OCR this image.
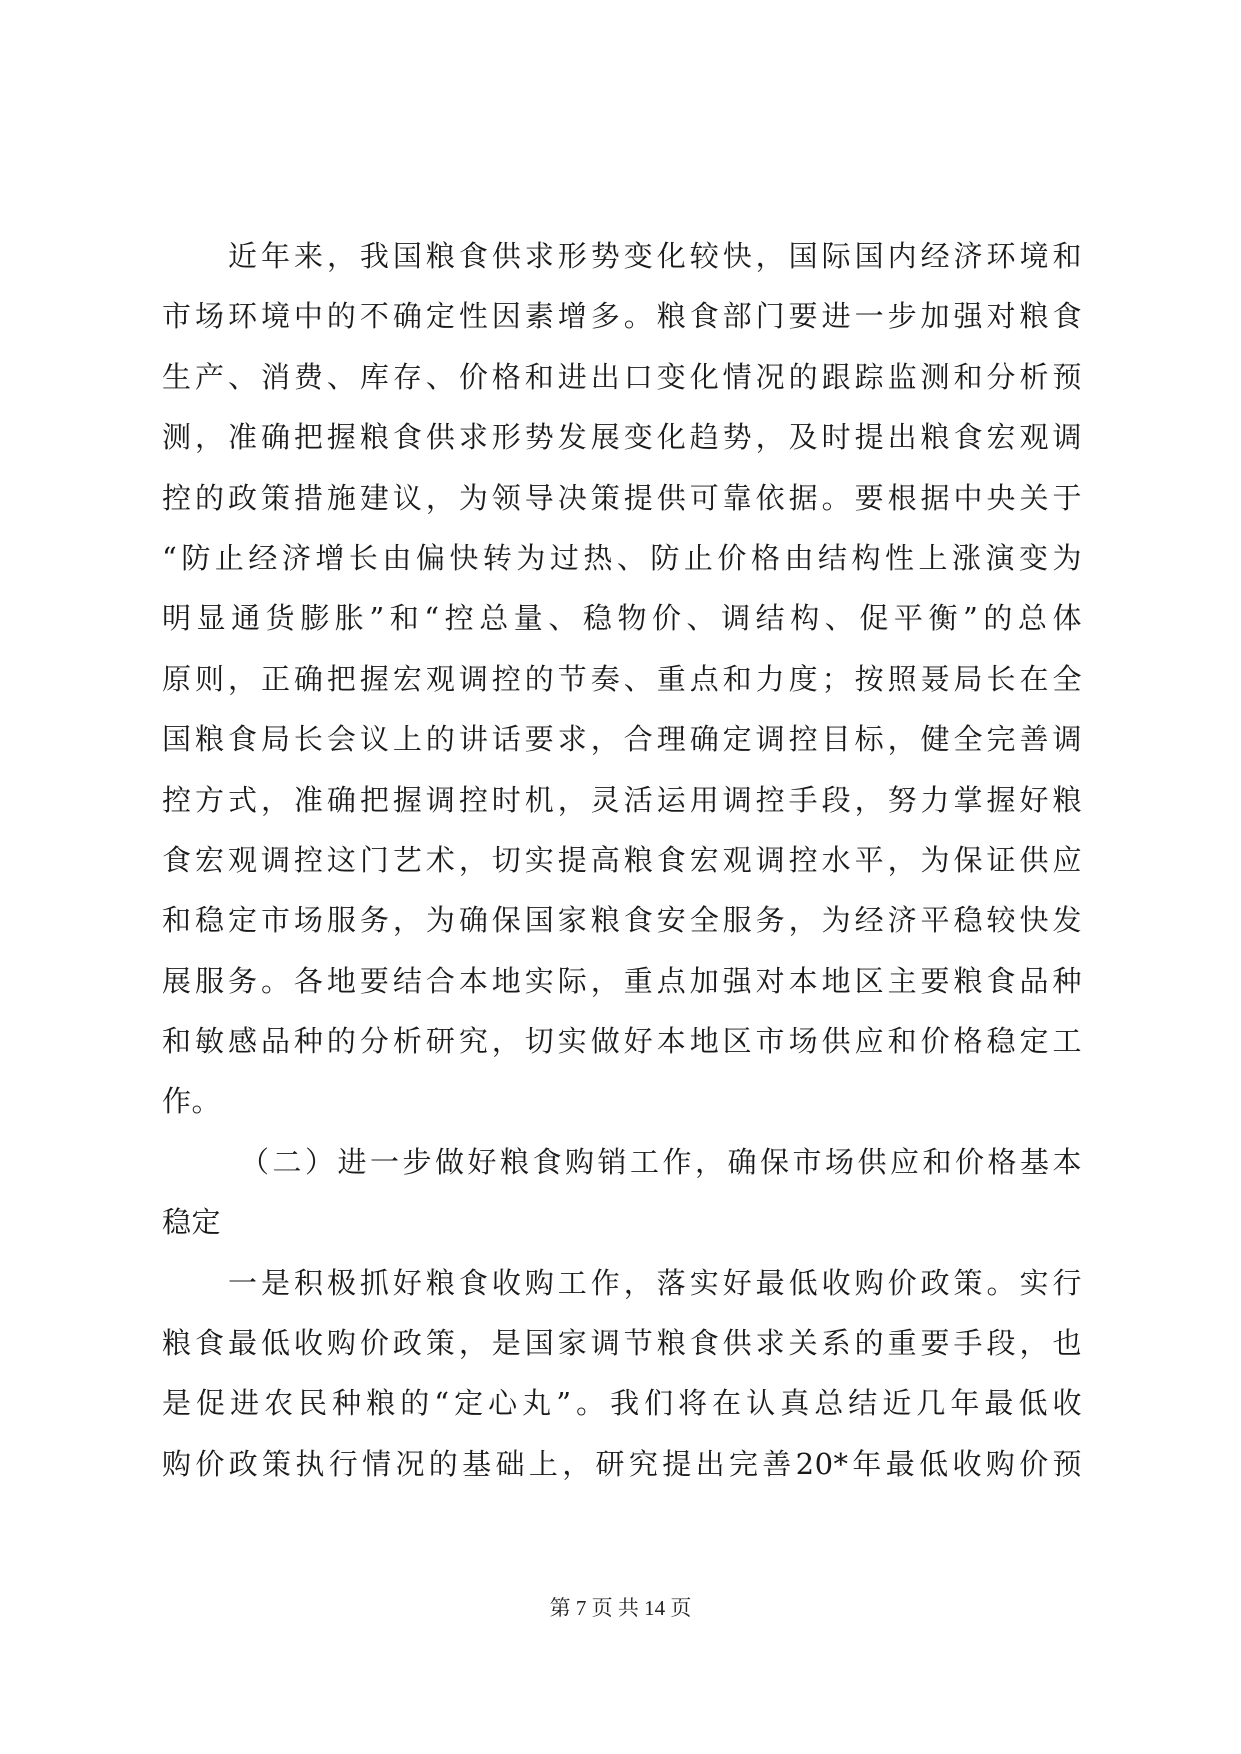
近年来，我国粮食供求形势变化较快，国际国内经济环境和
市场环境中的不确定性因素增多。粮食部门要进一步加强对粮食
生产、消费、库存、价格和进出口变化情况的跟踪监测和分析预
测，准确把握粮食供求形势发展变化趋势，及时提出粮食宏观调
控的政策措施建议，为领导决策提供可靠依据。要根据中央关于
“防止经济增长由偏快转为过热、防止价格由结构性上涨演变为
明显通货膨胀”和“控总量、稳物价、调结构、促平衡”的总体
原则，正确把握宏观调控的节奏、重点和力度；按照聂局长在全
国粮食局长会议上的讲话要求，合理确定调控目标，健全完善调
控方式，准确把握调控时机，灵活运用调控手段，努力掌握好粮
食宏观调控这门艺术，切实提高粮食宏观调控水平，为保证供应
和稳定市场服务，为确保国家粮食安全服务，为经济平稳较快发
展服务。各地要结合本地实际，重点加强对本地区主要粮食品种
和敏感品种的分析研究，切实做好本地区市场供应和价格稳定工
作。
（二）进一步做好粮食购销工作，确保市场供应和价格基本
稳定
一是积极抓好粮食收购工作，落实好最低收购价政策。实行
粮食最低收购价政策，是国家调节粮食供求关系的重要手段，也
是促进农民种粮的“定心丸”。我们将在认真总结近几年最低收
购价政策执行情况的基础上，研究提出完善20*年最低收购价预
第 7 页 共 14 页
